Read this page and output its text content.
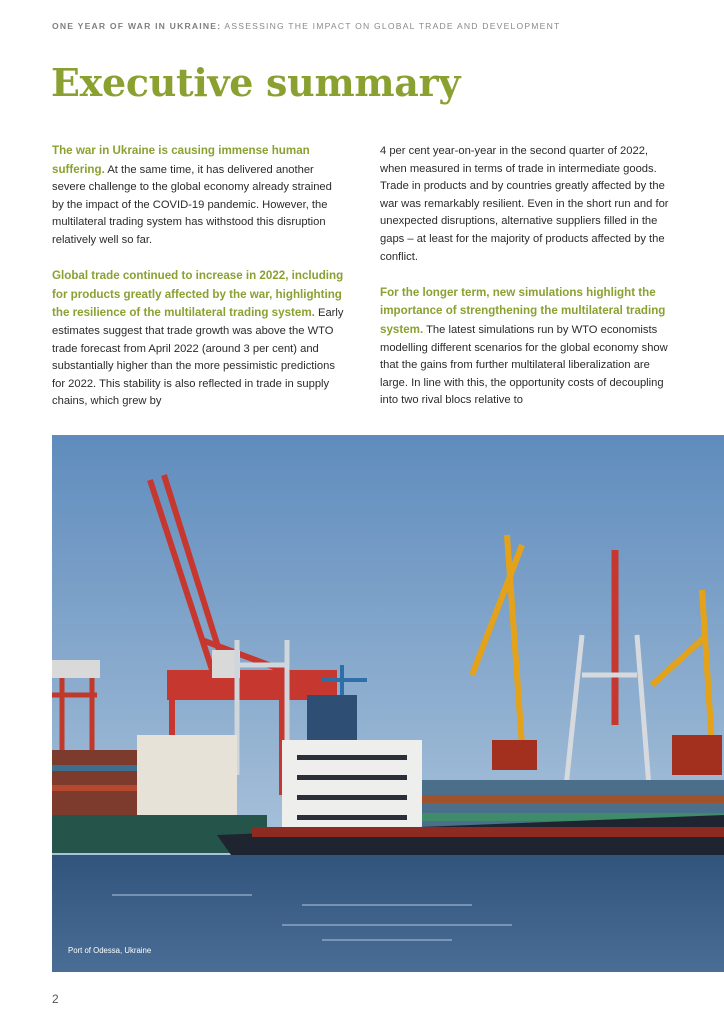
ONE YEAR OF WAR IN UKRAINE: ASSESSING THE IMPACT ON GLOBAL TRADE AND DEVELOPMENT
Executive summary

The war in Ukraine is causing immense human suffering. At the same time, it has delivered another severe challenge to the global economy already strained by the impact of the COVID-19 pandemic. However, the multilateral trading system has withstood this disruption relatively well so far.

Global trade continued to increase in 2022, including for products greatly affected by the war, highlighting the resilience of the multilateral trading system. Early estimates suggest that trade growth was above the WTO trade forecast from April 2022 (around 3 per cent) and substantially higher than the more pessimistic predictions for 2022. This stability is also reflected in trade in supply chains, which grew by

4 per cent year-on-year in the second quarter of 2022, when measured in terms of trade in intermediate goods. Trade in products and by countries greatly affected by the war was remarkably resilient. Even in the short run and for unexpected disruptions, alternative suppliers filled in the gaps – at least for the majority of products affected by the conflict.

For the longer term, new simulations highlight the importance of strengthening the multilateral trading system. The latest simulations run by WTO economists modelling different scenarios for the global economy show that the gains from further multilateral liberalization are large. In line with this, the opportunity costs of decoupling into two rival blocs relative to

Port of Odessa, Ukraine
2
